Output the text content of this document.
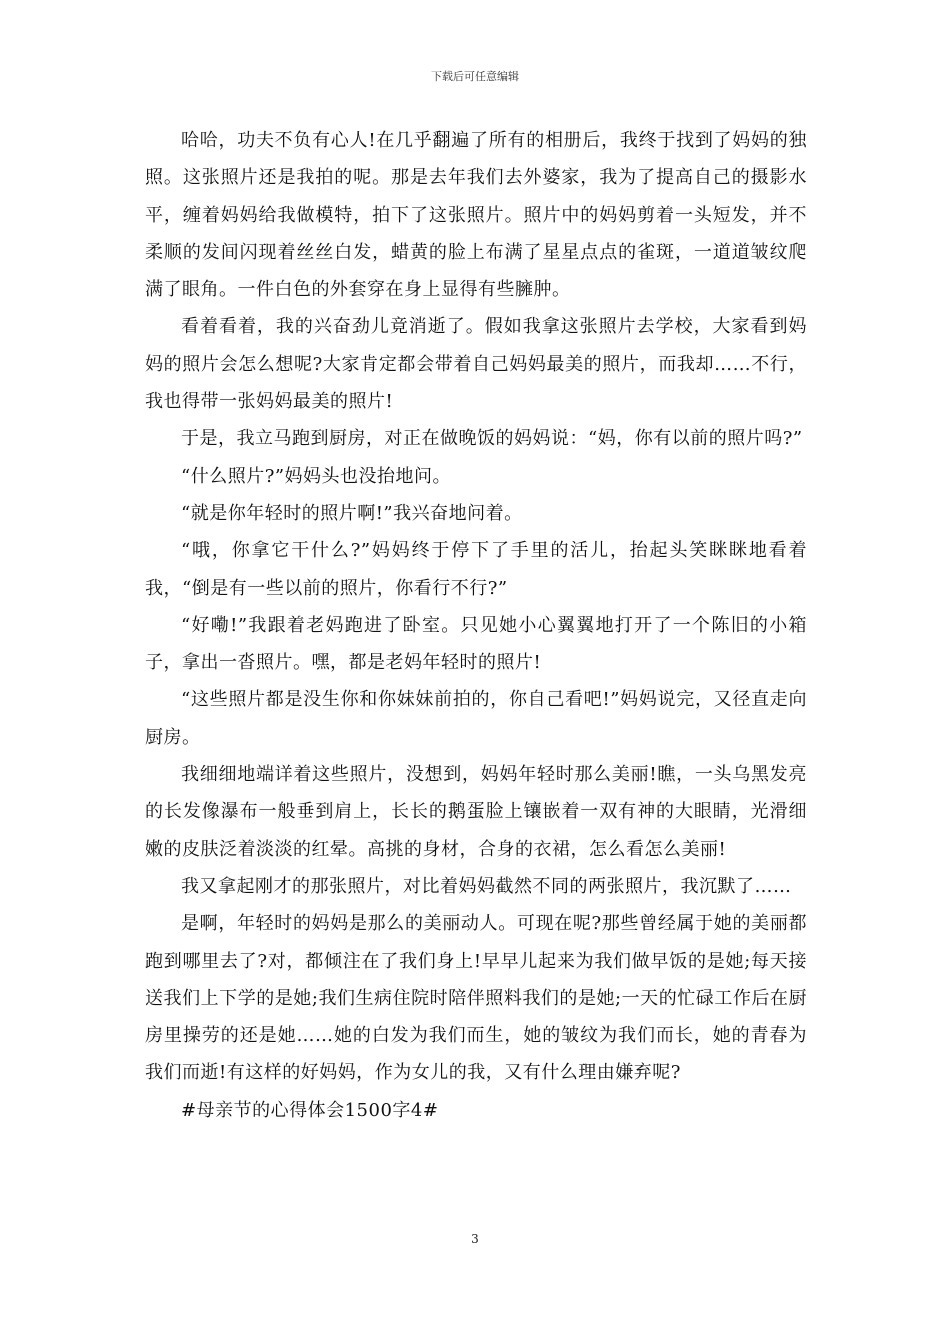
下载后可任意编辑

哈哈，功夫不负有心人!在几乎翻遍了所有的相册后，我终于找到了妈妈的独照。这张照片还是我拍的呢。那是去年我们去外婆家，我为了提高自己的摄影水平，缠着妈妈给我做模特，拍下了这张照片。照片中的妈妈剪着一头短发，并不柔顺的发间闪现着丝丝白发，蜡黄的脸上布满了星星点点的雀斑，一道道皱纹爬满了眼角。一件白色的外套穿在身上显得有些臃肿。

看着看着，我的兴奋劲儿竟消逝了。假如我拿这张照片去学校，大家看到妈妈的照片会怎么想呢?大家肯定都会带着自己妈妈最美的照片，而我却……不行，我也得带一张妈妈最美的照片!

于是，我立马跑到厨房，对正在做晚饭的妈妈说：“妈，你有以前的照片吗?”

“什么照片?”妈妈头也没抬地问。

“就是你年轻时的照片啊!”我兴奋地问着。

“哦，你拿它干什么?”妈妈终于停下了手里的活儿，抬起头笑眯眯地看着我，“倒是有一些以前的照片，你看行不行?”

“好嘞!”我跟着老妈跑进了卧室。只见她小心翼翼地打开了一个陈旧的小箱子，拿出一沓照片。嘿，都是老妈年轻时的照片!

“这些照片都是没生你和你妹妹前拍的，你自己看吧!”妈妈说完，又径直走向厨房。

我细细地端详着这些照片，没想到，妈妈年轻时那么美丽!瞧，一头乌黑发亮的长发像瀑布一般垂到肩上，长长的鹅蛋脸上镶嵌着一双有神的大眼睛，光滑细嫩的皮肤泛着淡淡的红晕。高挑的身材，合身的衣裙，怎么看怎么美丽!

我又拿起刚才的那张照片，对比着妈妈截然不同的两张照片，我沉默了……

是啊，年轻时的妈妈是那么的美丽动人。可现在呢?那些曾经属于她的美丽都跑到哪里去了?对，都倾注在了我们身上!早早儿起来为我们做早饭的是她;每天接送我们上下学的是她;我们生病住院时陪伴照料我们的是她;一天的忙碌工作后在厨房里操劳的还是她……她的白发为我们而生，她的皱纹为我们而长，她的青春为我们而逝!有这样的好妈妈，作为女儿的我，又有什么理由嫌弃呢?

#母亲节的心得体会1500字4#

3
